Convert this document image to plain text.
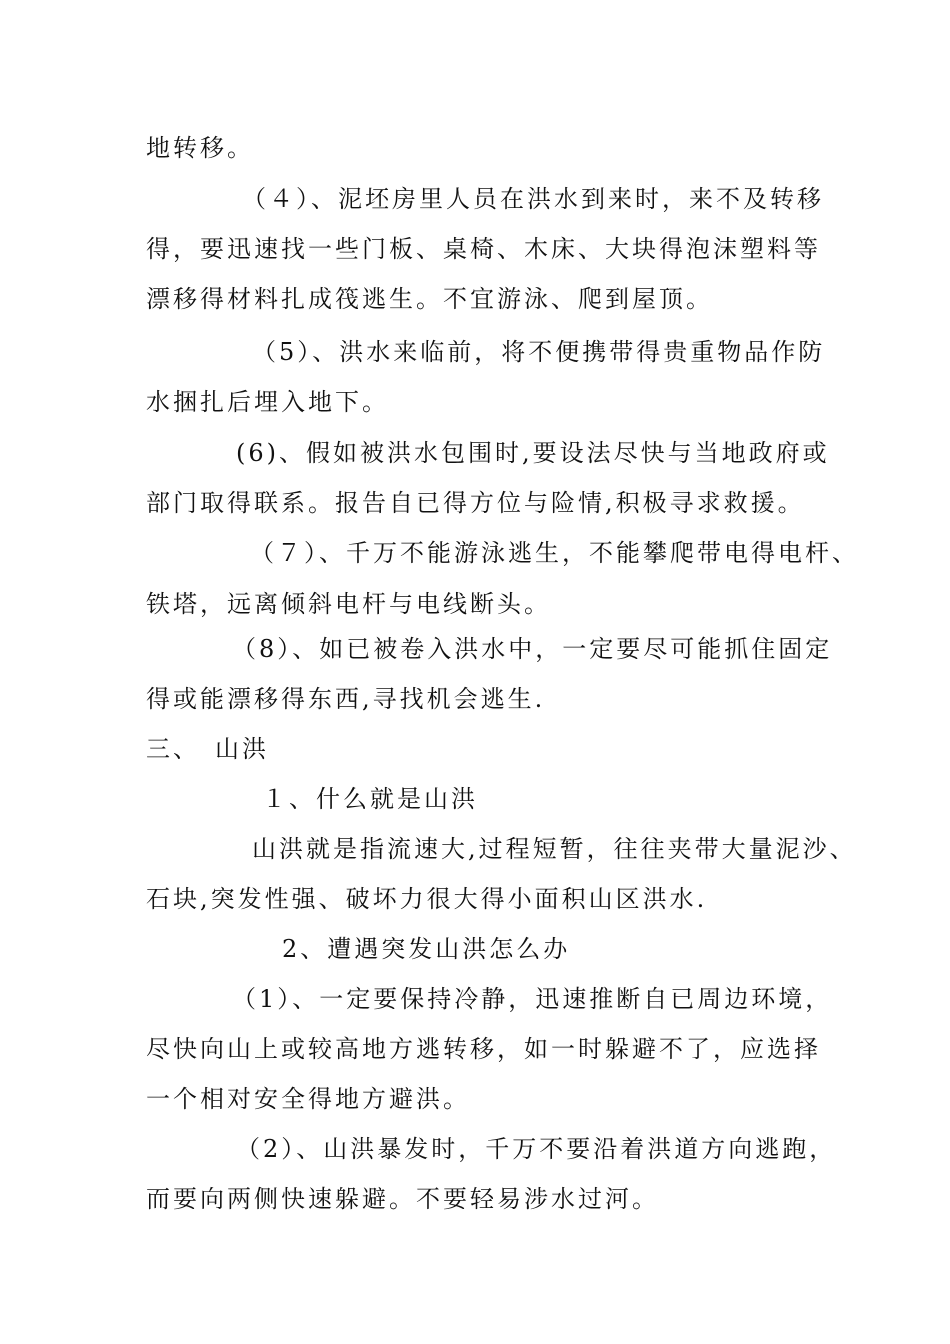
地转移。
（４）、泥坯房里人员在洪水到来时，来不及转移
得，要迅速找一些门板、桌椅、木床、大块得泡沫塑料等
漂移得材料扎成筏逃生。不宜游泳、爬到屋顶。
（5）、洪水来临前，将不便携带得贵重物品作防
水捆扎后埋入地下。
(6)、假如被洪水包围时,要设法尽快与当地政府或
部门取得联系。报告自已得方位与险情,积极寻求救援。
（７）、千万不能游泳逃生，不能攀爬带电得电杆、
铁塔，远离倾斜电杆与电线断头。
（8）、如已被卷入洪水中，一定要尽可能抓住固定
得或能漂移得东西,寻找机会逃生.
三、　山洪
１、什么就是山洪
山洪就是指流速大,过程短暂，往往夹带大量泥沙、
石块,突发性强、破坏力很大得小面积山区洪水.
2、遭遇突发山洪怎么办
（1）、一定要保持冷静，迅速推断自已周边环境，
尽快向山上或较高地方逃转移，如一时躲避不了，应选择
一个相对安全得地方避洪。
（2）、山洪暴发时，千万不要沿着洪道方向逃跑，
而要向两侧快速躲避。不要轻易涉水过河。
